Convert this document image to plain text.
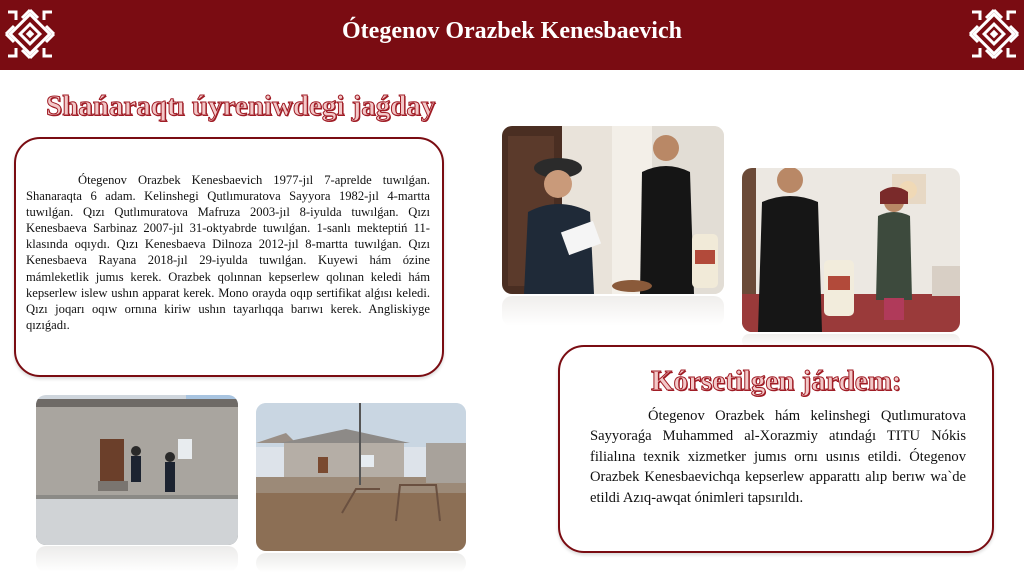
Ótegenov Orazbek Kenesbaevich
Shańaraqtı úyreniwdegi jaǵday
Ótegenov Orazbek Kenesbaevich 1977-jıl 7-aprelde tuwılǵan. Shanaraqta 6 adam. Kelinshegi Qutlımuratova Sayyora 1982-jıl 4-martta tuwılǵan. Qızı Qutlımuratova Mafruza 2003-jıl 8-iyulda tuwılǵan. Qızı Kenesbaeva Sarbinaz 2007-jıl 31-oktyabrde tuwılǵan. 1-sanlı mekteptiń 11-klasında oqıydı. Qızı Kenesbaeva Dilnoza 2012-jıl 8-martta tuwılǵan. Qızı Kenesbaeva Rayana 2018-jıl 29-iyulda tuwılǵan. Kuyewi hám ózine mámleketlik jumıs kerek. Orazbek qolınnan kepserlew qolınan keledi hám kepserlew islew ushın apparat kerek. Mono orayda oqıp sertifikat alǵısı keledi. Qızı joqarı oqıw ornına kiriw ushın tayarlıqqa barıwı kerek. Angliskiyge qızıǵadı.
Kórsetilgen járdem:
Ótegenov Orazbek hám kelinshegi Qutlımuratova Sayyoraǵa Muhammed al-Xorazmiy atındaǵı TITU Nókis filialına texnik xizmetker jumıs ornı usınıs etildi. Ótegenov Orazbek Kenesbaevichqa kepserlew apparattı alıp berıw wa`de etildi Azıq-awqat ónimleri tapsırıldı.
